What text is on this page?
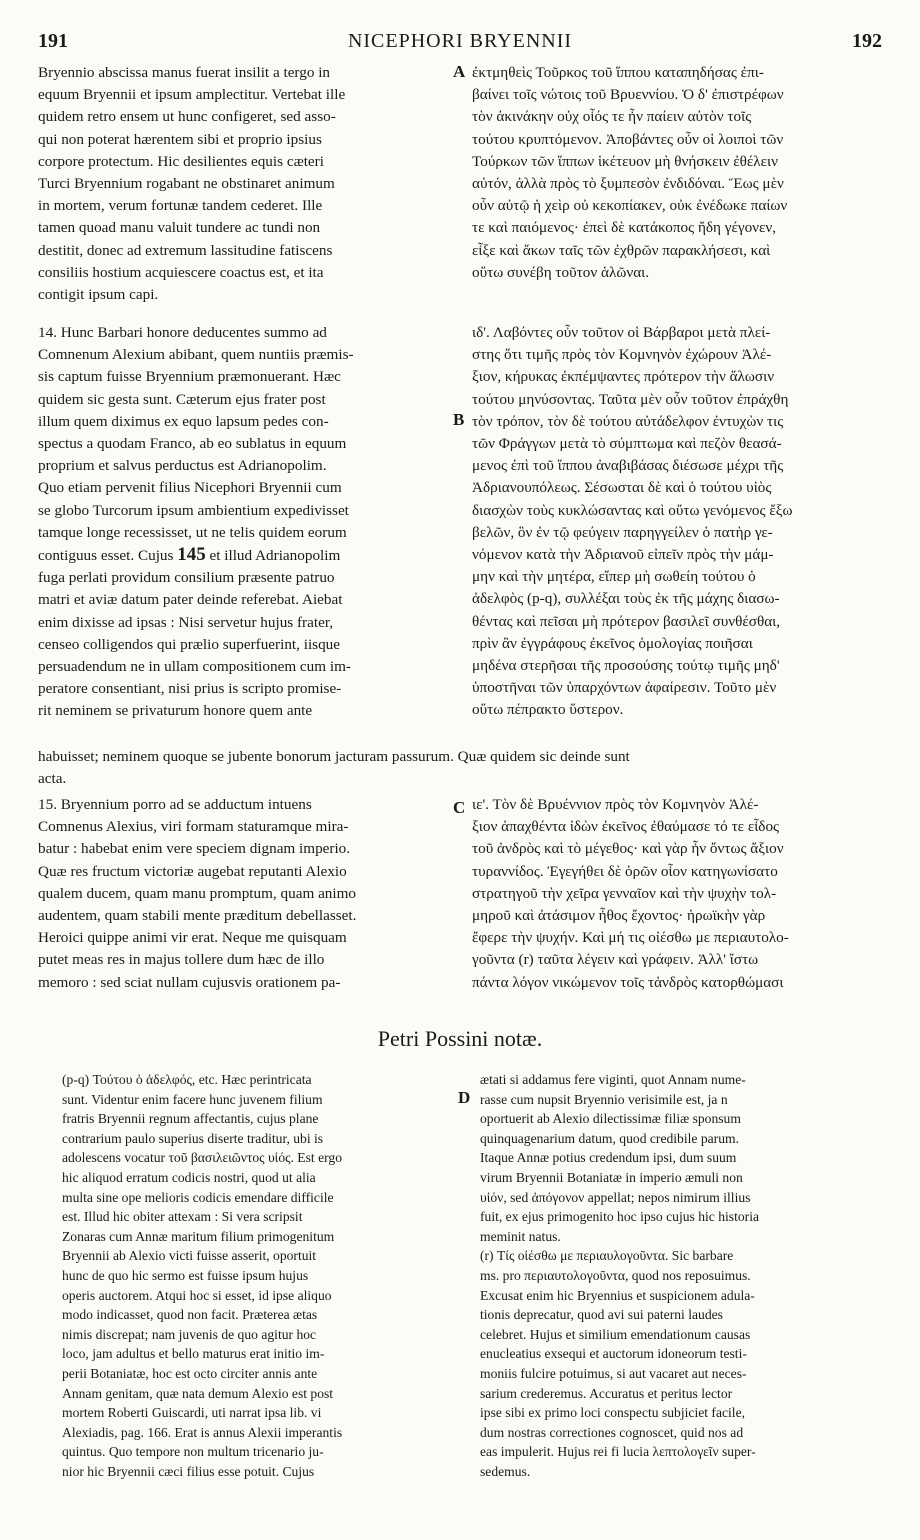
191	NICEPHORI BRYENNII	192
Bryennio abscissa manus fuerat insilit a tergo in
equum Bryennii et ipsum amplectitur. Vertebat ille
quidem retro ensem ut hunc configeret, sed asso-
qui non poterat hærentem sibi et proprio ipsius
corpore protectum. Hic desilientes equis cæteri
Turci Bryennium rogabant ne obstinaret animum
in mortem, verum fortunæ tandem cederet. Ille
tamen quoad manu valuit tundere ac tundi non
destitit, donec ad extremum lassitudine fatiscens
consiliis hostium acquiescere coactus est, et ita
contigit ipsum capi.
A ἐκτμηθεὶς Τοῦρκος τοῦ ἵππου καταπηδήσας ἐπι-
βαίνει τοῖς νώτοις τοῦ Βρυεννίου. Ὁ δ' ἐπιστρέφων
τὸν ἀκινάκην οὐχ οἷός τε ἦν παίειν αὐτὸν τοῖς
τούτου κρυπτόμενον. Ἀποβάντες οὖν οἱ λοιποὶ τῶν
Τούρκων τῶν ἵππων ἱκέτευον μὴ θνήσκειν ἐθέλειν
αὐτόν, ἀλλὰ πρὸς τὸ ξυμπεσὸν ἐνδιδόναι. Ἕως μὲν
οὖν αὐτῷ ἡ χεὶρ οὐ κεκοπίακεν, οὐκ ἐνέδωκε παίων
τε καὶ παιόμενος· ἐπεὶ δὲ κατάκοπος ἤδη γέγονεν,
εἶξε καὶ ἄκων ταῖς τῶν ἐχθρῶν παρακλήσεσι, καὶ
οὕτω συνέβη τοῦτον ἁλῶναι.
14. Hunc Barbari honore deducentes summo ad
Comnenum Alexium abibant, quem nuntiis præmis-
sis captum fuisse Bryennium præmonuerant. Hæc
quidem sic gesta sunt. Cæterum ejus frater post
illum quem diximus ex equo lapsum pedes con-
spectus a quodam Franco, ab eo sublatus in equum
proprium et salvus perductus est Adrianopolim.
Quo etiam pervenit filius Nicephori Bryennii cum
se globo Turcorum ipsum ambientium expedivisset
tamque longe recessisset, ut ne telis quidem eorum
contiguus esset. Cujus 145 et illud Adrianopolim
fuga perlati providum consilium præsente patruo
matri et aviæ datum pater deinde referebat. Aiebat
enim dixisse ad ipsas : Nisi servetur hujus frater,
censeo colligendos qui prælio superfuerint, iisque
persuadendum ne in ullam compositionem cum im-
peratore consentiant, nisi prius is scripto promise-
rit neminem se privaturum honore quem ante
B
ιδ'. Λαβόντες οὖν τοῦτον οἱ Βάρβαροι μετὰ πλεί-
στης ὅτι τιμῆς πρὸς τὸν Κομνηνὸν ἐχώρουν Ἀλέ-
ξιον, κήρυκας ἐκπέμψαντες πρότερον τὴν ἅλωσιν
τούτου μηνύσοντας. Ταῦτα μὲν οὖν τοῦτον ἐπράχθη
τὸν τρόπον, τὸν δὲ τούτου αὐτάδελφον ἐντυχὼν τις
τῶν Φράγγων μετὰ τὸ σύμπτωμα καὶ πεζὸν θεασά-
μενος ἐπὶ τοῦ ἵππου ἀναβιβάσας διέσωσε μέχρι τῆς
Ἀδριανουπόλεως. Σέσωσται δὲ καὶ ὁ τούτου υἱὸς
διασχὼν τοὺς κυκλώσαντας καὶ οὕτω γενόμενος ἔξω
βελῶν, ὃν ἐν τῷ φεύγειν παρηγγείλεν ὁ πατὴρ γε-
νόμενον κατὰ τὴν Ἀδριανοῦ εἰπεῖν πρὸς τὴν μάμ-
μην καὶ τὴν μητέρα, εἴπερ μὴ σωθείη τούτου ὁ
ἀδελφὸς (p-q), συλλέξαι τοὺς ἐκ τῆς μάχης διασω-
θέντας καὶ πεῖσαι μὴ πρότερον βασιλεῖ συνθέσθαι,
πρὶν ἂν ἐγγράφους ἐκεῖνος ὁμολογίας ποιῆσαι
μηδένα στερῆσαι τῆς προσούσης τούτῳ τιμῆς μηδ'
ὑποστῆναι τῶν ὑπαρχόντων ἀφαίρεσιν. Τοῦτο μὲν
οὕτω πέπρακτο ὕστερον.
habuisset; neminem quoque se jubente bonorum jacturam passurum. Quæ quidem sic deinde sunt
acta.
15. Bryennium porro ad se adductum intuens
Comnenus Alexius, viri formam staturamque mira-
batur : habebat enim vere speciem dignam imperio.
Quæ res fructum victoriæ augebat reputanti Alexio
qualem ducem, quam manu promptum, quam animo
audentem, quam stabili mente præditum debellasset.
Heroici quippe animi vir erat. Neque me quisquam
putet meas res in majus tollere dum hæc de illo
memoro : sed sciat nullam cujusvis orationem pa-
C ιε'. Τὸν δὲ Βρυέννιον πρὸς τὸν Κομνηνὸν Ἀλέ-
ξιον ἀπαχθέντα ἰδὼν ἐκεῖνος ἐθαύμασε τό τε εἶδος
τοῦ ἀνδρὸς καὶ τὸ μέγεθος· καὶ γὰρ ἦν ὄντως ἄξιον
τυραννίδος. Ἐγεγήθει δὲ ὁρῶν οἷον κατηγωνίσατο
στρατηγοῦ τὴν χεῖρα γενναῖον καὶ τὴν ψυχὴν τολ-
μηροῦ καὶ ἀτάσιμον ἦθος ἔχοντος· ἡρωϊκὴν γὰρ
ἔφερε τὴν ψυχήν. Καὶ μή τις οἰέσθω με περιαυτολο-
γοῦντα (r) ταῦτα λέγειν καὶ γράφειν. Ἀλλ' ἴστω
πάντα λόγον νικώμενον τοῖς τἀνδρὸς κατορθώμασι
Petri Possini notæ.
(p-q) Τούτου ὁ ἀδελφός, etc. Hæc perintricata
sunt. Videntur enim facere hunc juvenem filium
fratris Bryennii regnum affectantis, cujus plane
contrarium paulo superius diserte traditur, ubi is
adolescens vocatur τοῦ βασιλειῶντος υἱός. Est ergo
hic aliquod erratum codicis nostri, quod ut alia
multa sine ope melioris codicis emendare difficile
est. Illud hic obiter attexam : Si vera scripsit
Zonaras cum Annæ maritum filium primogenitum
Bryennii ab Alexio victi fuisse asserit, oportuit
hunc de quo hic sermo est fuisse ipsum hujus
operis auctorem. Atqui hoc si esset, id ipse aliquo
modo indicasset, quod non facit. Præterea ætas
nimis discrepat; nam juvenis de quo agitur hoc
loco, jam adultus et bello maturus erat initio im-
perii Botaniatæ, hoc est octo circiter annis ante
Annam genitam, quæ nata demum Alexio est post
mortem Roberti Guiscardi, uti narrat ipsa lib. vi
Alexiadis, pag. 166. Erat is annus Alexii imperantis
quintus. Quo tempore non multum tricenario ju-
nior hic Bryennii cæci filius esse potuit. Cujus
D
ætati si addamus fere viginti, quot Annam nume-
rasse cum nupsit Bryennio verisimile est, ja n
oportuerit ab Alexio dilectissimæ filiæ sponsum
quinquagenarium datum, quod credibile parum.
Itaque Annæ potius credendum ipsi, dum suum
virum Bryennii Botaniatæ in imperio æmuli non
υἱόν, sed ἀπόγονον appellat; nepos nimirum illius
fuit, ex ejus primogenito hoc ipso cujus hic historia
meminit natus.
(r) Τίς οἰέσθω με περιαυλογοῦντα. Sic barbare
ms. pro περιαυτολογοῦντα, quod nos reposuimus.
Excusat enim hic Bryennius et suspicionem adula-
tionis deprecatur, quod avi sui paterni laudes
celebret. Hujus et similium emendationum causas
enucleatius exsequi et auctorum idoneorum testi-
moniis fulcire potuimus, si aut vacaret aut neces-
sarium crederemus. Accuratus et peritus lector
ipse sibi ex primo loci conspectu subjiciet facile,
dum nostras correctiones cognoscet, quid nos ad
eas impulerit. Hujus rei fi lucia λεπτολογεῖν super-
sedemus.
